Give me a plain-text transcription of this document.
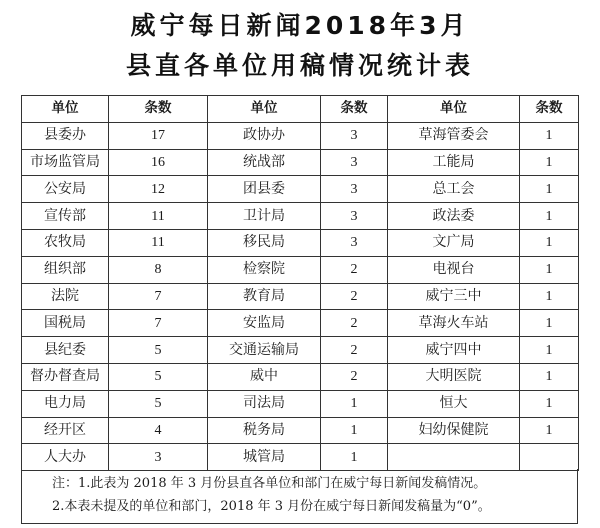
威宁每日新闻2018年3月
县直各单位用稿情况统计表
单位	条数	单位	条数	单位	条数
县委办	17	政协办	3	草海管委会	1
市场监管局	16	统战部	3	工能局	1
公安局	12	团县委	3	总工会	1
宣传部	11	卫计局	3	政法委	1
农牧局	11	移民局	3	文广局	1
组织部	8	检察院	2	电视台	1
法院	7	教育局	2	威宁三中	1
国税局	7	安监局	2	草海火车站	1
县纪委	5	交通运输局	2	威宁四中	1
督办督查局	5	威中	2	大明医院	1
电力局	5	司法局	1	恒大	1
经开区	4	税务局	1	妇幼保健院	1
人大办	3	城管局	1		
注：1.此表为 2018 年 3 月份县直各单位和部门在威宁每日新闻发稿情况。
2.本表未提及的单位和部门，2018 年 3 月份在威宁每日新闻发稿量为“0”。
